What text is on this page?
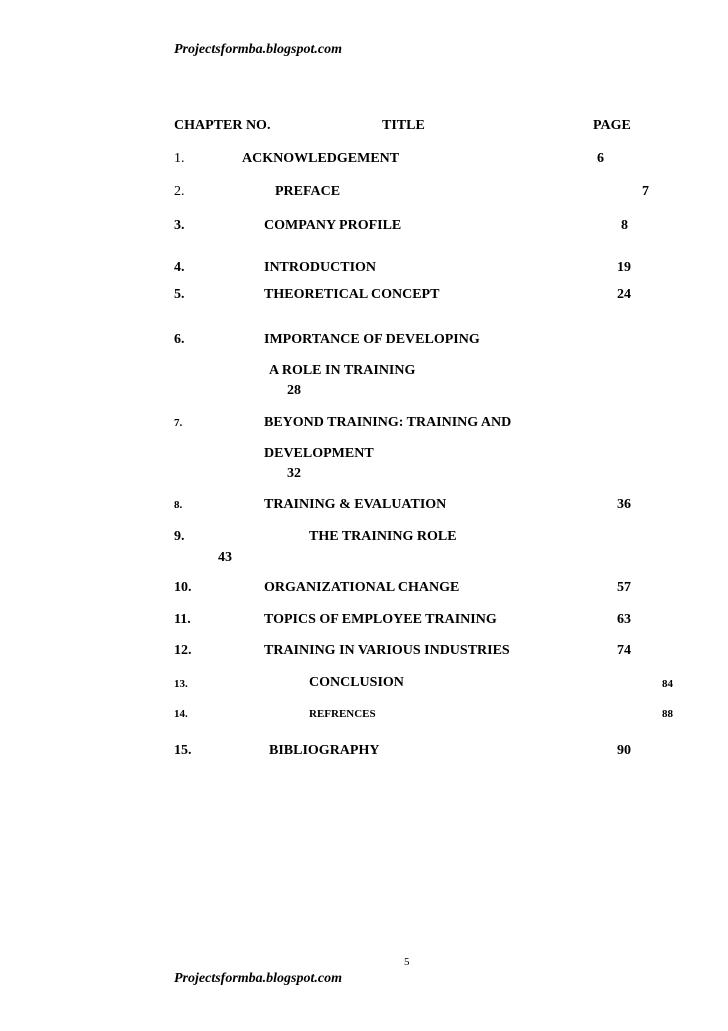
Projectsformba.blogspot.com
CHAPTER NO.	TITLE	PAGE
1.	ACKNOWLEDGEMENT	6
2.	PREFACE	7
3.	COMPANY PROFILE	8
4.	INTRODUCTION	19
5.	THEORETICAL CONCEPT	24
6.	IMPORTANCE OF DEVELOPING
A ROLE IN TRAINING
28
7.	BEYOND TRAINING: TRAINING AND
DEVELOPMENT
32
8.	TRAINING & EVALUATION	36
9.	THE TRAINING ROLE
43
10.	ORGANIZATIONAL CHANGE	57
11.	TOPICS OF EMPLOYEE TRAINING	63
12.	TRAINING IN VARIOUS INDUSTRIES	74
13.	CONCLUSION	84
14.	REFRENCES	88
15.	BIBLIOGRAPHY	90
5
Projectsformba.blogspot.com
